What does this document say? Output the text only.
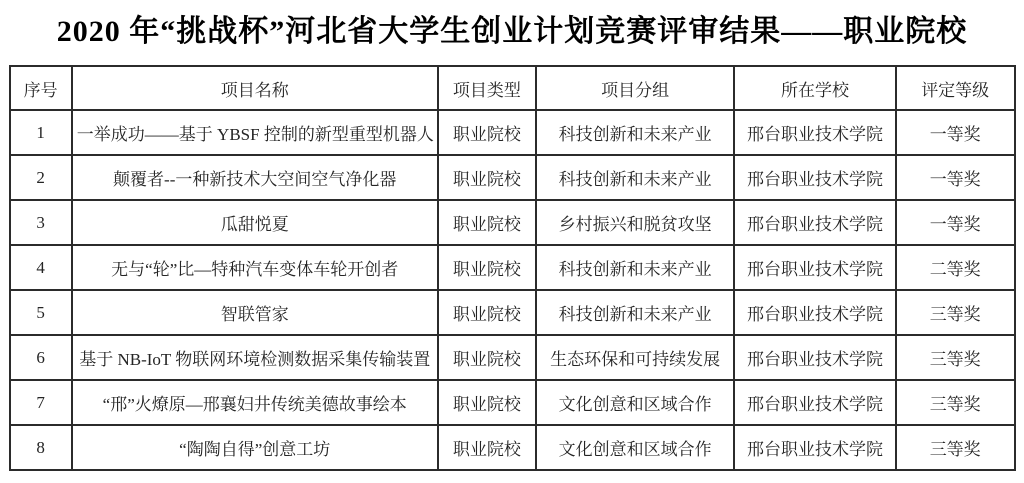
2020 年“挑战杯”河北省大学生创业计划竞赛评审结果——职业院校
序号	项目名称	项目类型	项目分组	所在学校	评定等级
1	一举成功——基于 YBSF 控制的新型重型机器人	职业院校	科技创新和未来产业	邢台职业技术学院	一等奖
2	颠覆者--一种新技术大空间空气净化器	职业院校	科技创新和未来产业	邢台职业技术学院	一等奖
3	瓜甜悦夏	职业院校	乡村振兴和脱贫攻坚	邢台职业技术学院	一等奖
4	无与“轮”比—特种汽车变体车轮开创者	职业院校	科技创新和未来产业	邢台职业技术学院	二等奖
5	智联管家	职业院校	科技创新和未来产业	邢台职业技术学院	三等奖
6	基于 NB-IoT 物联网环境检测数据采集传输装置	职业院校	生态环保和可持续发展	邢台职业技术学院	三等奖
7	“邢”火燎原—邢襄妇井传统美德故事绘本	职业院校	文化创意和区域合作	邢台职业技术学院	三等奖
8	“陶陶自得”创意工坊	职业院校	文化创意和区域合作	邢台职业技术学院	三等奖
